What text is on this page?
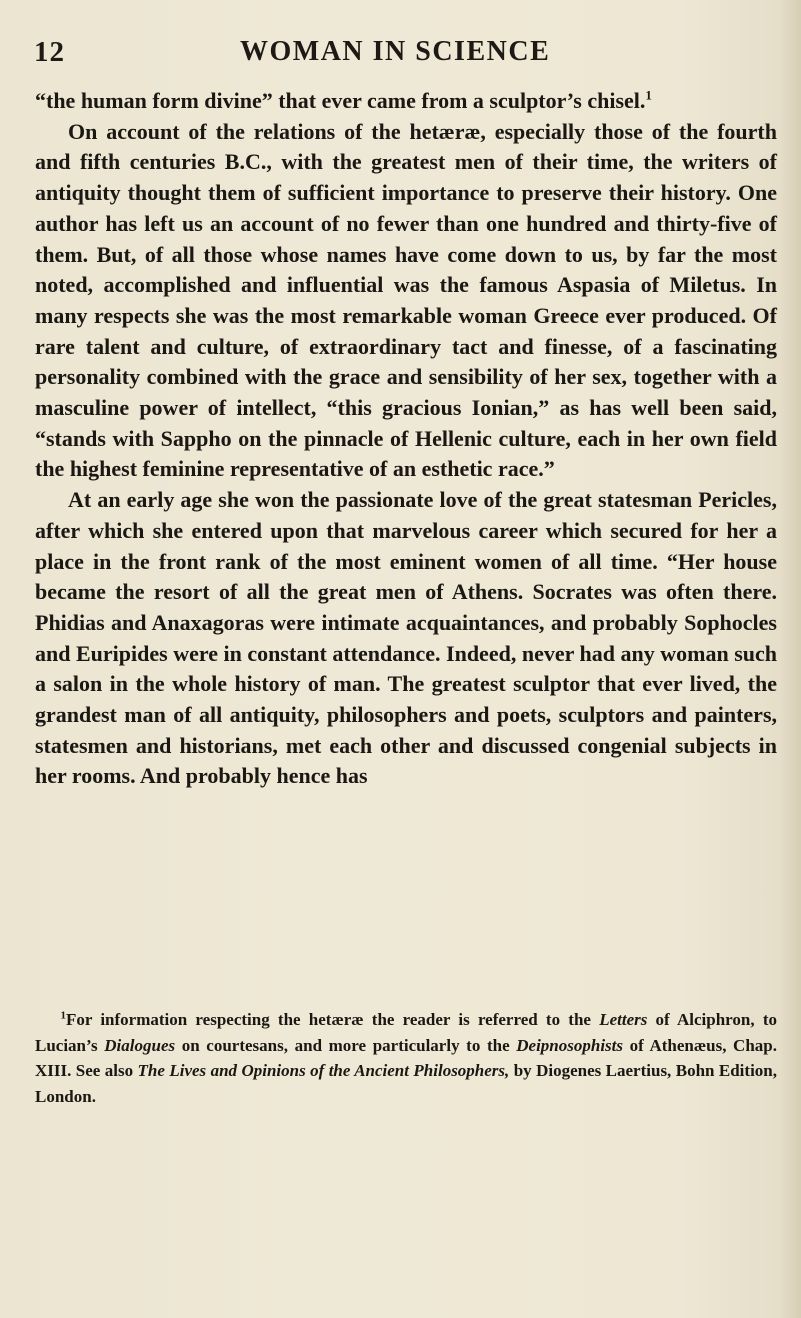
12	WOMAN IN SCIENCE

“the human form divine” that ever came from a sculptor’s chisel.$^1$

On account of the relations of the hetæræ, especially those of the fourth and fifth centuries B.C., with the greatest men of their time, the writers of antiquity thought them of sufficient importance to preserve their history. One author has left us an account of no fewer than one hundred and thirty-five of them. But, of all those whose names have come down to us, by far the most noted, accomplished and influential was the famous Aspasia of Miletus. In many respects she was the most remarkable woman Greece ever produced. Of rare talent and culture, of extraordinary tact and finesse, of a fascinating personality combined with the grace and sensibility of her sex, together with a masculine power of intellect, “this gracious Ionian,” as has well been said, “stands with Sappho on the pinnacle of Hellenic culture, each in her own field the highest feminine representative of an esthetic race.”

At an early age she won the passionate love of the great statesman Pericles, after which she entered upon that marvelous career which secured for her a place in the front rank of the most eminent women of all time. “Her house became the resort of all the great men of Athens. Socrates was often there. Phidias and Anaxagoras were intimate acquaintances, and probably Sophocles and Euripides were in constant attendance. Indeed, never had any woman such a salon in the whole history of man. The greatest sculptor that ever lived, the grandest man of all antiquity, philosophers and poets, sculptors and painters, statesmen and historians, met each other and discussed congenial subjects in her rooms. And probably hence has

$^1$For information respecting the hetæræ the reader is referred to the Letters of Alciphron, to Lucian’s Dialogues on courtesans, and more particularly to the Deipnosophists of Athenæus, Chap. XIII. See also The Lives and Opinions of the Ancient Philosophers, by Diogenes Laertius, Bohn Edition, London.
